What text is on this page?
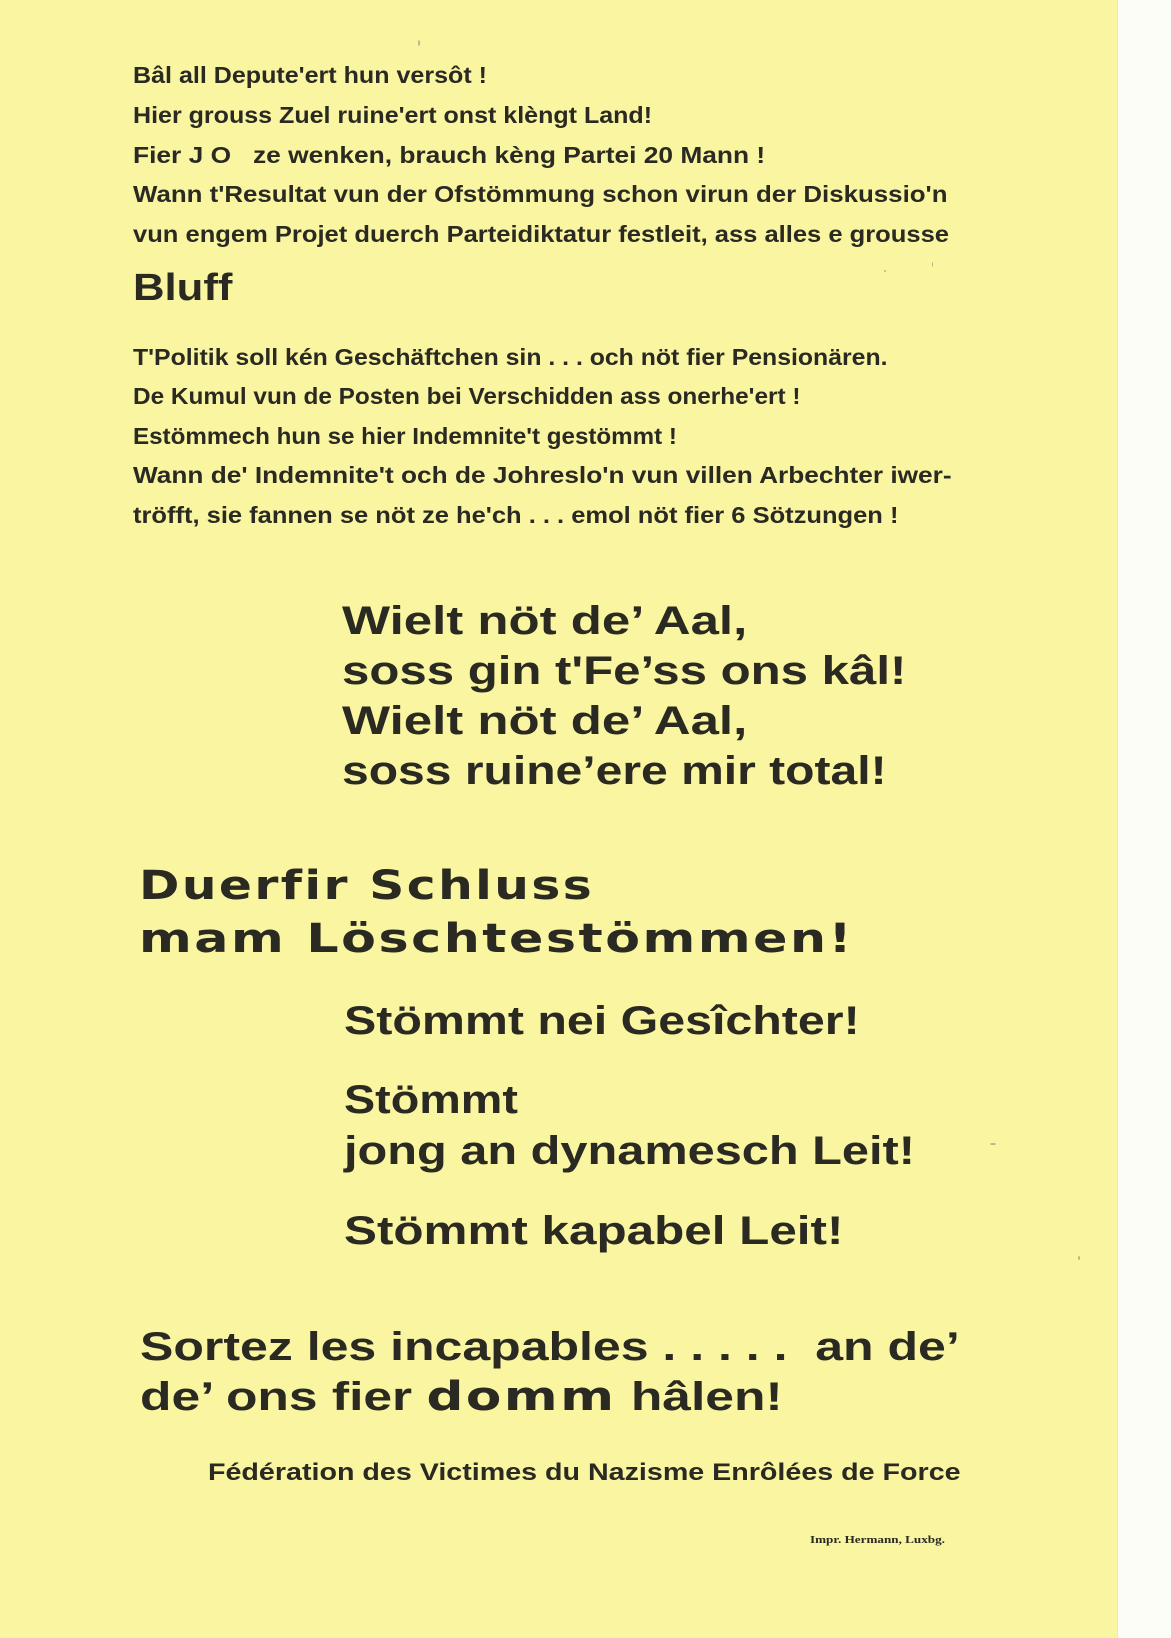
Bâl all Depute'ert hun versôt !
Hier grouss Zuel ruine'ert onst klèngt Land!
Fier J O   ze wenken, brauch kèng Partei 20 Mann !
Wann t'Resultat vun der Ofstömmung schon virun der Diskussio'n
vun engem Projet duerch Parteidiktatur festleit, ass alles e grousse
Bluff
T'Politik soll kén Geschäftchen sin . . . och nöt fier Pensionären.
De Kumul vun de Posten bei Verschidden ass onerhe'ert !
Estömmech hun se hier Indemnite't gestömmt !
Wann de' Indemnite't och de Johreslo'n vun villen Arbechter iwer-
tröfft, sie fannen se nöt ze he'ch . . . emol nöt fier 6 Sötzungen !
Wielt nöt de’ Aal,
soss gin t'Fe’ss ons kâl!
Wielt nöt de’ Aal,
soss ruine’ere mir total!
Duerfir Schluss
mam Löschtestömmen!
Stömmt nei Gesîchter!
Stömmt
jong an dynamesch Leit!
Stömmt kapabel Leit!
Sortez les incapables . . . . .  an de’
de’ ons fier domm hâlen!
Fédération des Victimes du Nazisme Enrôlées de Force
Impr. Hermann, Luxbg.
